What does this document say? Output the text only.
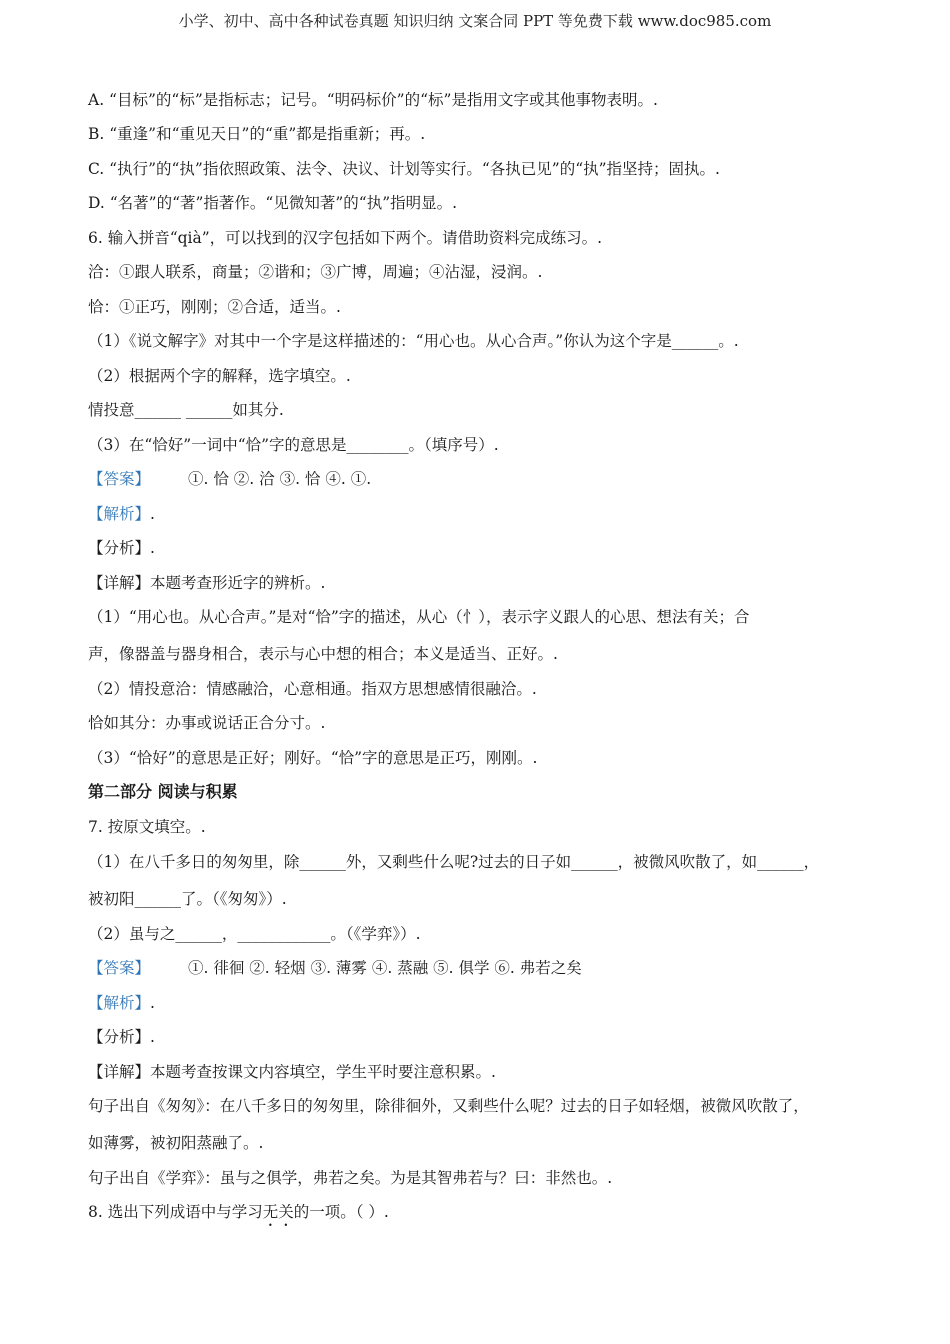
小学、初中、高中各种试卷真题 知识归纳 文案合同 PPT 等免费下载 www.doc985.com
A. “目标”的“标”是指标志；记号。“明码标价”的“标”是指用文字或其他事物表明。.
B. “重逢”和“重见天日”的“重”都是指重新；再。.
C. “执行”的“执”指依照政策、法令、决议、计划等实行。“各执已见”的“执”指坚持；固执。.
D. “名著”的“著”指著作。“见微知著”的“执”指明显。.
6. 输入拼音“qià”，可以找到的汉字包括如下两个。请借助资料完成练习。.
洽：①跟人联系，商量；②谐和；③广博，周遍；④沾湿，浸润。.
恰：①正巧，刚刚；②合适，适当。.
（1）《说文解字》对其中一个字是这样描述的：“用心也。从心合声。”你认为这个字是______。.
（2）根据两个字的解释，选字填空。.
情投意______ ______如其分.
（3）在“恰好”一词中“恰”字的意思是________。（填序号）.
【答案】 ①. 恰 ②. 洽 ③. 恰 ④. ①.
【解析】.
【分析】.
【详解】本题考查形近字的辨析。.
（1）“用心也。从心合声。”是对“恰”字的描述，从心（忄），表示字义跟人的心思、想法有关；合
声，像器盖与器身相合，表示与心中想的相合；本义是适当、正好。.
（2）情投意洽：情感融洽，心意相通。指双方思想感情很融洽。.
恰如其分：办事或说话正合分寸。.
（3）“恰好”的意思是正好；刚好。“恰”字的意思是正巧，刚刚。.
第二部分 阅读与积累
7. 按原文填空。.
（1）在八千多日的匆匆里，除______外，又剩些什么呢?过去的日子如______，被微风吹散了，如______，
被初阳______了。（《匆匆》）.
（2）虽与之______，____________。（《学弈》）.
【答案】 ①. 徘徊 ②. 轻烟 ③. 薄雾 ④. 蒸融 ⑤. 俱学 ⑥. 弗若之矣
【解析】.
【分析】.
【详解】本题考查按课文内容填空，学生平时要注意积累。.
句子出自《匆匆》：在八千多日的匆匆里，除徘徊外，又剩些什么呢？过去的日子如轻烟，被微风吹散了，
如薄雾，被初阳蒸融了。.
句子出自《学弈》：虽与之俱学，弗若之矣。为是其智弗若与？曰：非然也。.
8. 选出下列成语中与学习无关的一项。（ ）.
